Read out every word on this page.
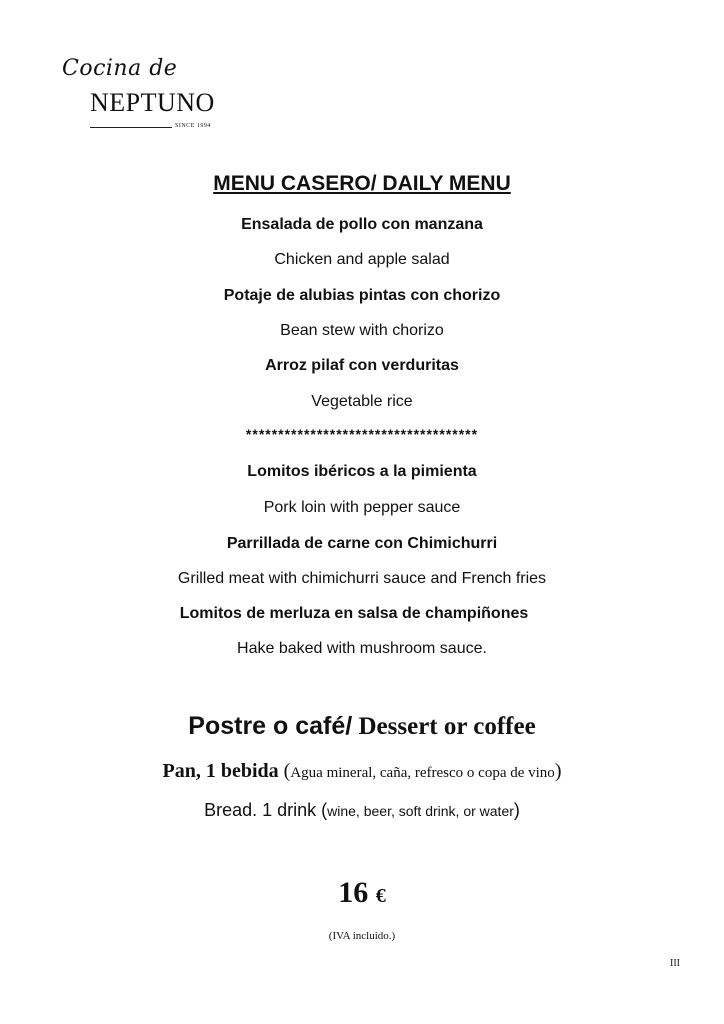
Cocina de
NEPTUNO
SINCE 1994
MENU CASERO/ DAILY MENU
Ensalada de pollo con manzana
Chicken and apple salad
Potaje de alubias pintas con chorizo
Bean stew with chorizo
Arroz pilaf con verduritas
Vegetable rice
************************************
Lomitos ibéricos a la pimienta
Pork loin with pepper sauce
Parrillada de carne con Chimichurri
Grilled meat with chimichurri sauce and French fries
Lomitos de merluza en salsa de champiñones
Hake baked with mushroom sauce.
Postre o café/ Dessert or coffee
Pan, 1 bebida (Agua mineral, caña, refresco o copa de vino)
Bread. 1 drink (wine, beer, soft drink, or water)
16 €
(IVA incluido.)
III
